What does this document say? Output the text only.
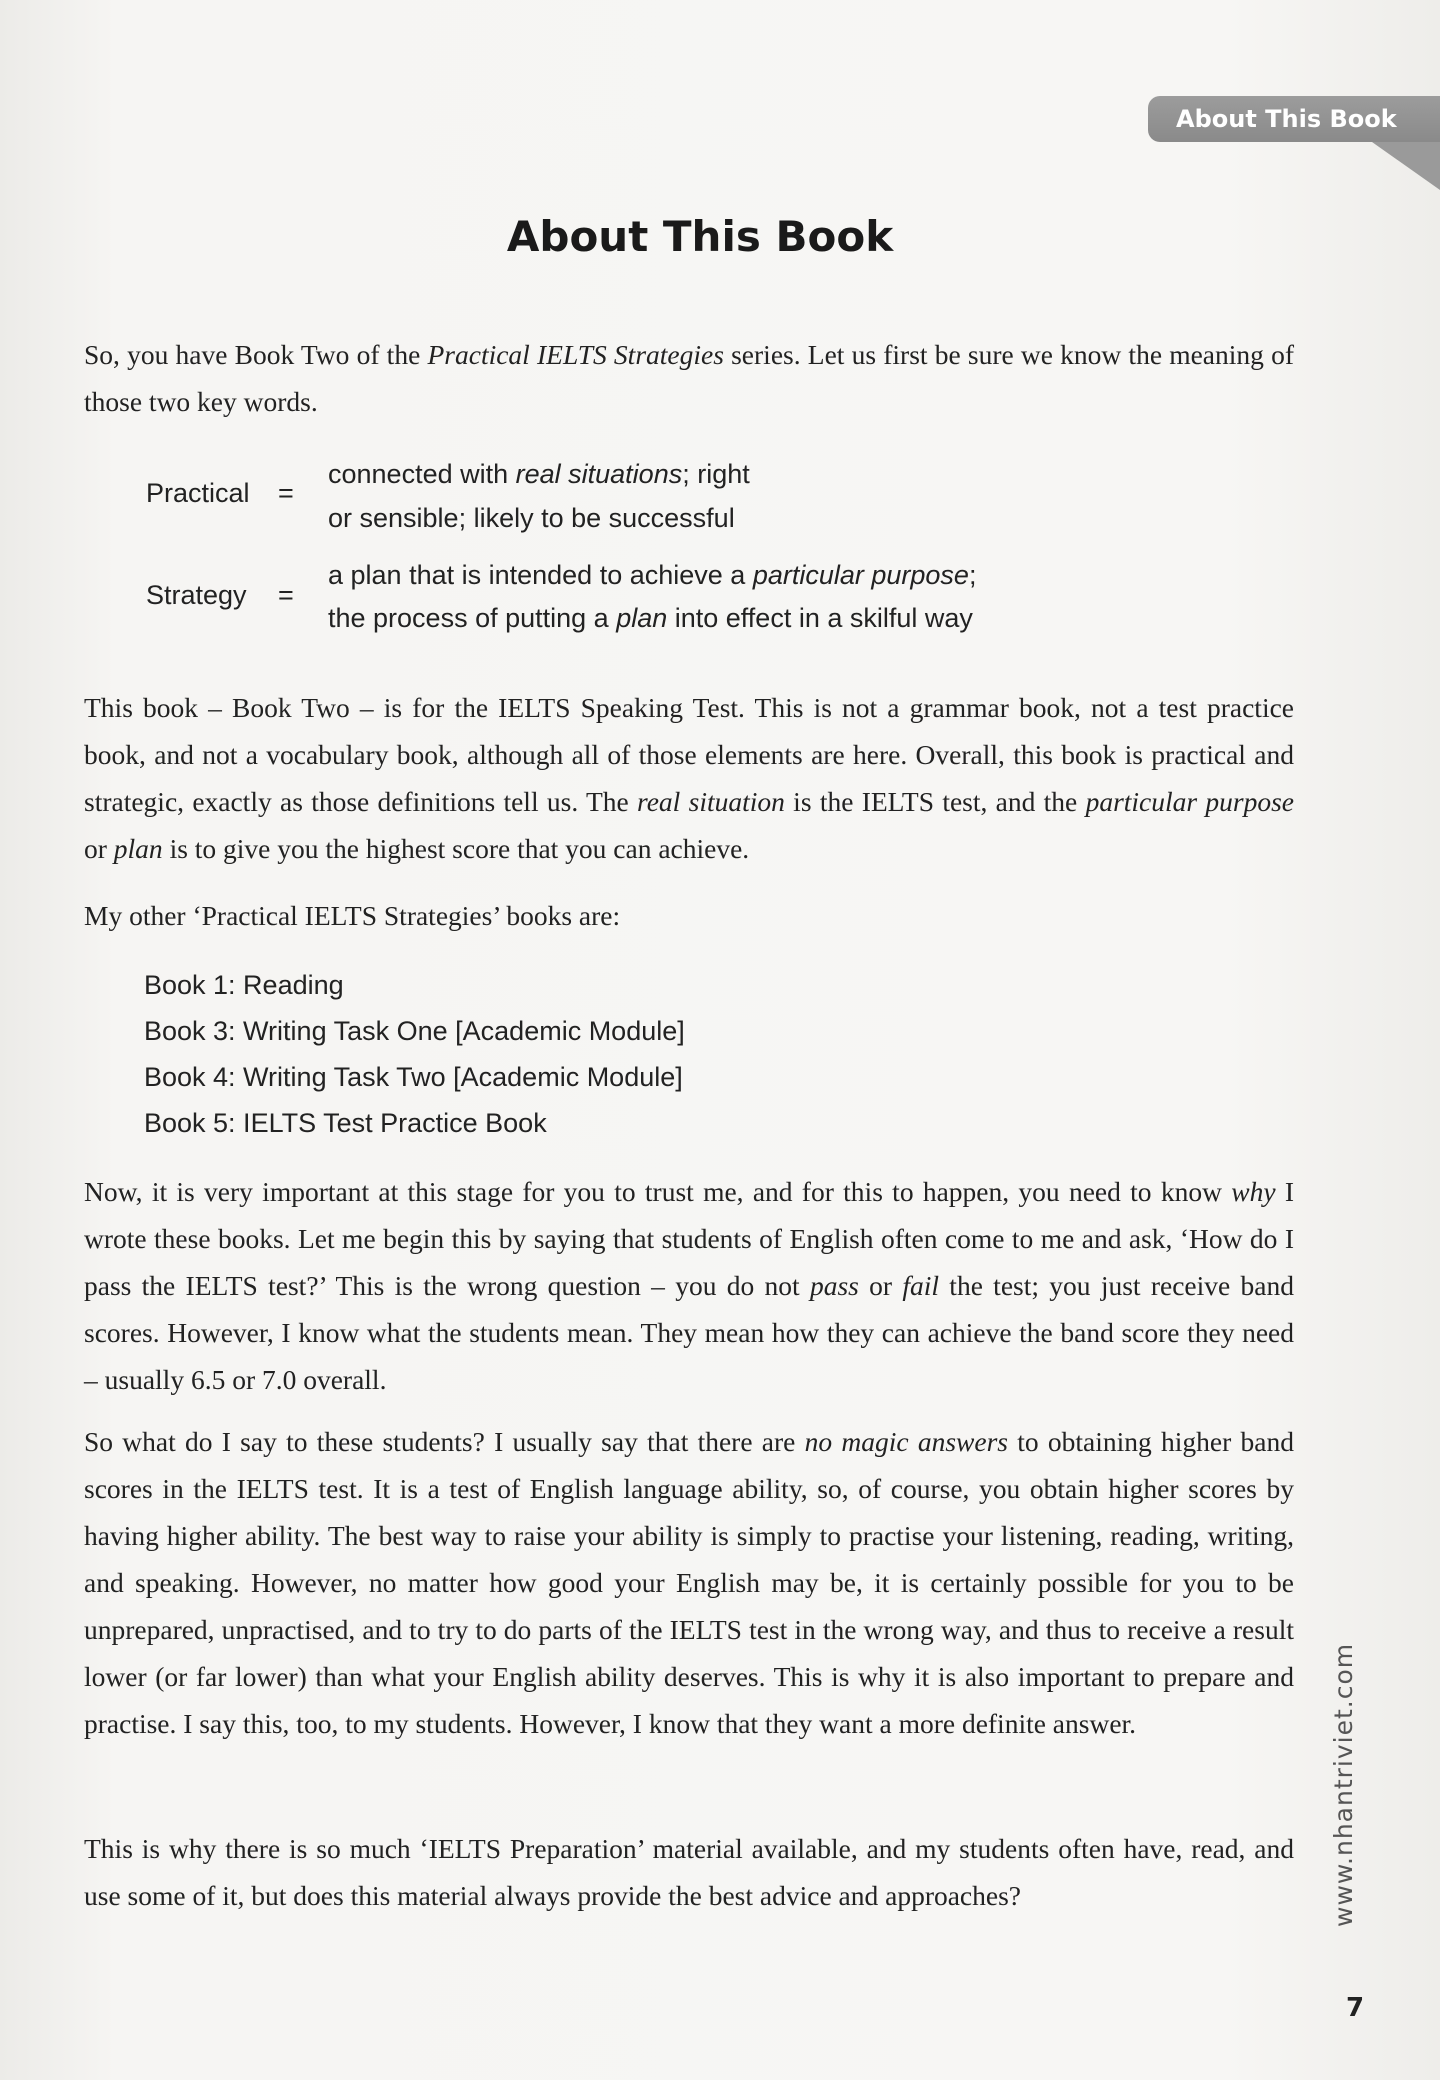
About This Book
About This Book

So, you have Book Two of the Practical IELTS Strategies series. Let us first be sure we know the meaning of those two key words.

Practical =
connected with real situations; right
or sensible; likely to be successful
Strategy =
a plan that is intended to achieve a particular purpose;
the process of putting a plan into effect in a skilful way

This book – Book Two – is for the IELTS Speaking Test. This is not a grammar book, not a test practice book, and not a vocabulary book, although all of those elements are here. Overall, this book is practical and strategic, exactly as those definitions tell us. The real situation is the IELTS test, and the particular purpose or plan is to give you the highest score that you can achieve.

My other ‘Practical IELTS Strategies’ books are:

Book 1: Reading
Book 3: Writing Task One [Academic Module]
Book 4: Writing Task Two [Academic Module]
Book 5: IELTS Test Practice Book

Now, it is very important at this stage for you to trust me, and for this to happen, you need to know why I wrote these books. Let me begin this by saying that students of English often come to me and ask, ‘How do I pass the IELTS test?’ This is the wrong question – you do not pass or fail the test; you just receive band scores. However, I know what the students mean. They mean how they can achieve the band score they need – usually 6.5 or 7.0 overall.

So what do I say to these students? I usually say that there are no magic answers to obtaining higher band scores in the IELTS test. It is a test of English language ability, so, of course, you obtain higher scores by having higher ability. The best way to raise your ability is simply to practise your listening, reading, writing, and speaking. However, no matter how good your English may be, it is certainly possible for you to be unprepared, unpractised, and to try to do parts of the IELTS test in the wrong way, and thus to receive a result lower (or far lower) than what your English ability deserves. This is why it is also important to prepare and practise. I say this, too, to my students. However, I know that they want a more definite answer.

This is why there is so much ‘IELTS Preparation’ material available, and my students often have, read, and use some of it, but does this material always provide the best advice and approaches?	www.nhantriviet.com
7
